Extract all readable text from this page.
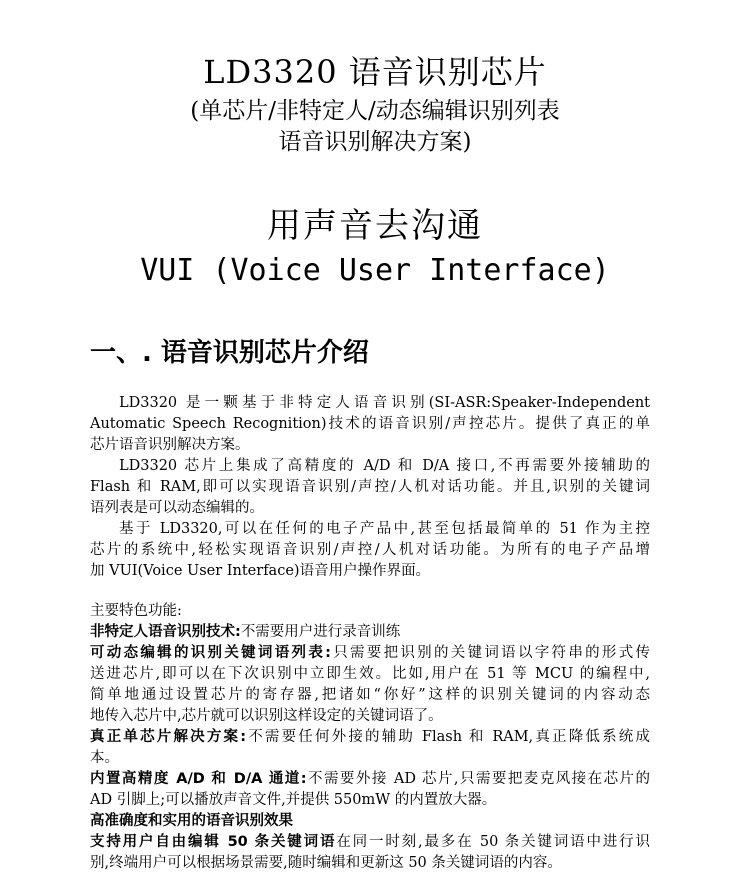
LD3320 语音识别芯片
(单芯片/非特定人/动态编辑识别列表
语音识别解决方案)
用声音去沟通
VUI (Voice User Interface)
一、. 语音识别芯片介绍
LD3320 是一颗基于非特定人语音识别(SI-ASR:Speaker-Independent
Automatic Speech Recognition)技术的语音识别/声控芯片。提供了真正的单
芯片语音识别解决方案。
LD3320 芯片上集成了高精度的 A/D 和 D/A 接口,不再需要外接辅助的
Flash 和 RAM,即可以实现语音识别/声控/人机对话功能。并且,识别的关键词
语列表是可以动态编辑的。
基于 LD3320,可以在任何的电子产品中,甚至包括最简单的 51 作为主控
芯片的系统中,轻松实现语音识别/声控/人机对话功能。为所有的电子产品增
加 VUI(Voice User Interface)语音用户操作界面。
主要特色功能:
非特定人语音识别技术:不需要用户进行录音训练
可动态编辑的识别关键词语列表:只需要把识别的关键词语以字符串的形式传
送进芯片,即可以在下次识别中立即生效。比如,用户在 51 等 MCU 的编程中,
简单地通过设置芯片的寄存器,把诸如“你好”这样的识别关键词的内容动态
地传入芯片中,芯片就可以识别这样设定的关键词语了。
真正单芯片解决方案:不需要任何外接的辅助 Flash 和 RAM,真正降低系统成
本。
内置高精度 A/D 和 D/A 通道:不需要外接 AD 芯片,只需要把麦克风接在芯片的
AD 引脚上;可以播放声音文件,并提供 550mW 的内置放大器。
高准确度和实用的语音识别效果
支持用户自由编辑 50 条关键词语在同一时刻,最多在 50 条关键词语中进行识
别,终端用户可以根据场景需要,随时编辑和更新这 50 条关键词语的内容。
